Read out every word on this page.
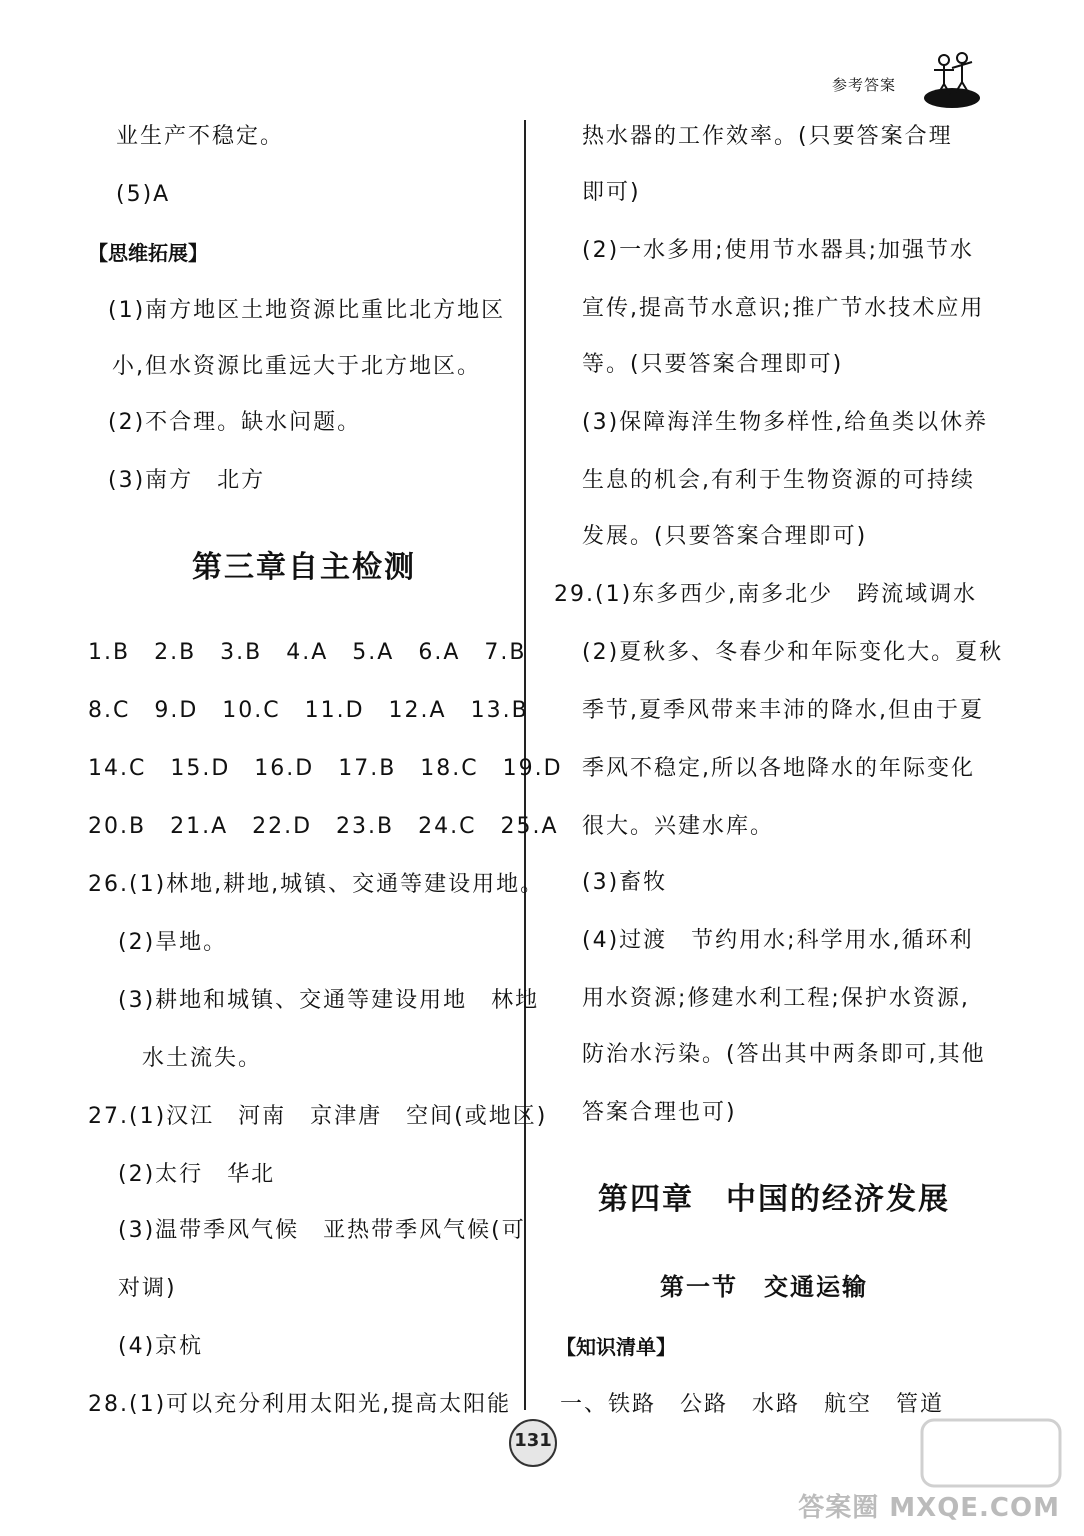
参考答案
业生产不稳定。
(5)A
【思维拓展】
(1)南方地区土地资源比重比北方地区
小,但水资源比重远大于北方地区。
(2)不合理。缺水问题。
(3)南方　北方
第三章自主检测
1.B　2.B　3.B　4.A　5.A　6.A　7.B
8.C　9.D　10.C　11.D　12.A　13.B
14.C　15.D　16.D　17.B　18.C　19.D
20.B　21.A　22.D　23.B　24.C　25.A
26.(1)林地,耕地,城镇、交通等建设用地。
(2)旱地。
(3)耕地和城镇、交通等建设用地　林地
水土流失。
27.(1)汉江　河南　京津唐　空间(或地区)
(2)太行　华北
(3)温带季风气候　亚热带季风气候(可
对调)
(4)京杭
28.(1)可以充分利用太阳光,提高太阳能
热水器的工作效率。(只要答案合理
即可)
(2)一水多用;使用节水器具;加强节水
宣传,提高节水意识;推广节水技术应用
等。(只要答案合理即可)
(3)保障海洋生物多样性,给鱼类以休养
生息的机会,有利于生物资源的可持续
发展。(只要答案合理即可)
29.(1)东多西少,南多北少　跨流域调水
(2)夏秋多、冬春少和年际变化大。夏秋
季节,夏季风带来丰沛的降水,但由于夏
季风不稳定,所以各地降水的年际变化
很大。兴建水库。
(3)畜牧
(4)过渡　节约用水;科学用水,循环利
用水资源;修建水利工程;保护水资源,
防治水污染。(答出其中两条即可,其他
答案合理也可)
第四章　中国的经济发展
第一节　交通运输
【知识清单】
一、铁路　公路　水路　航空　管道
131
答案圈 MXQE.COM
